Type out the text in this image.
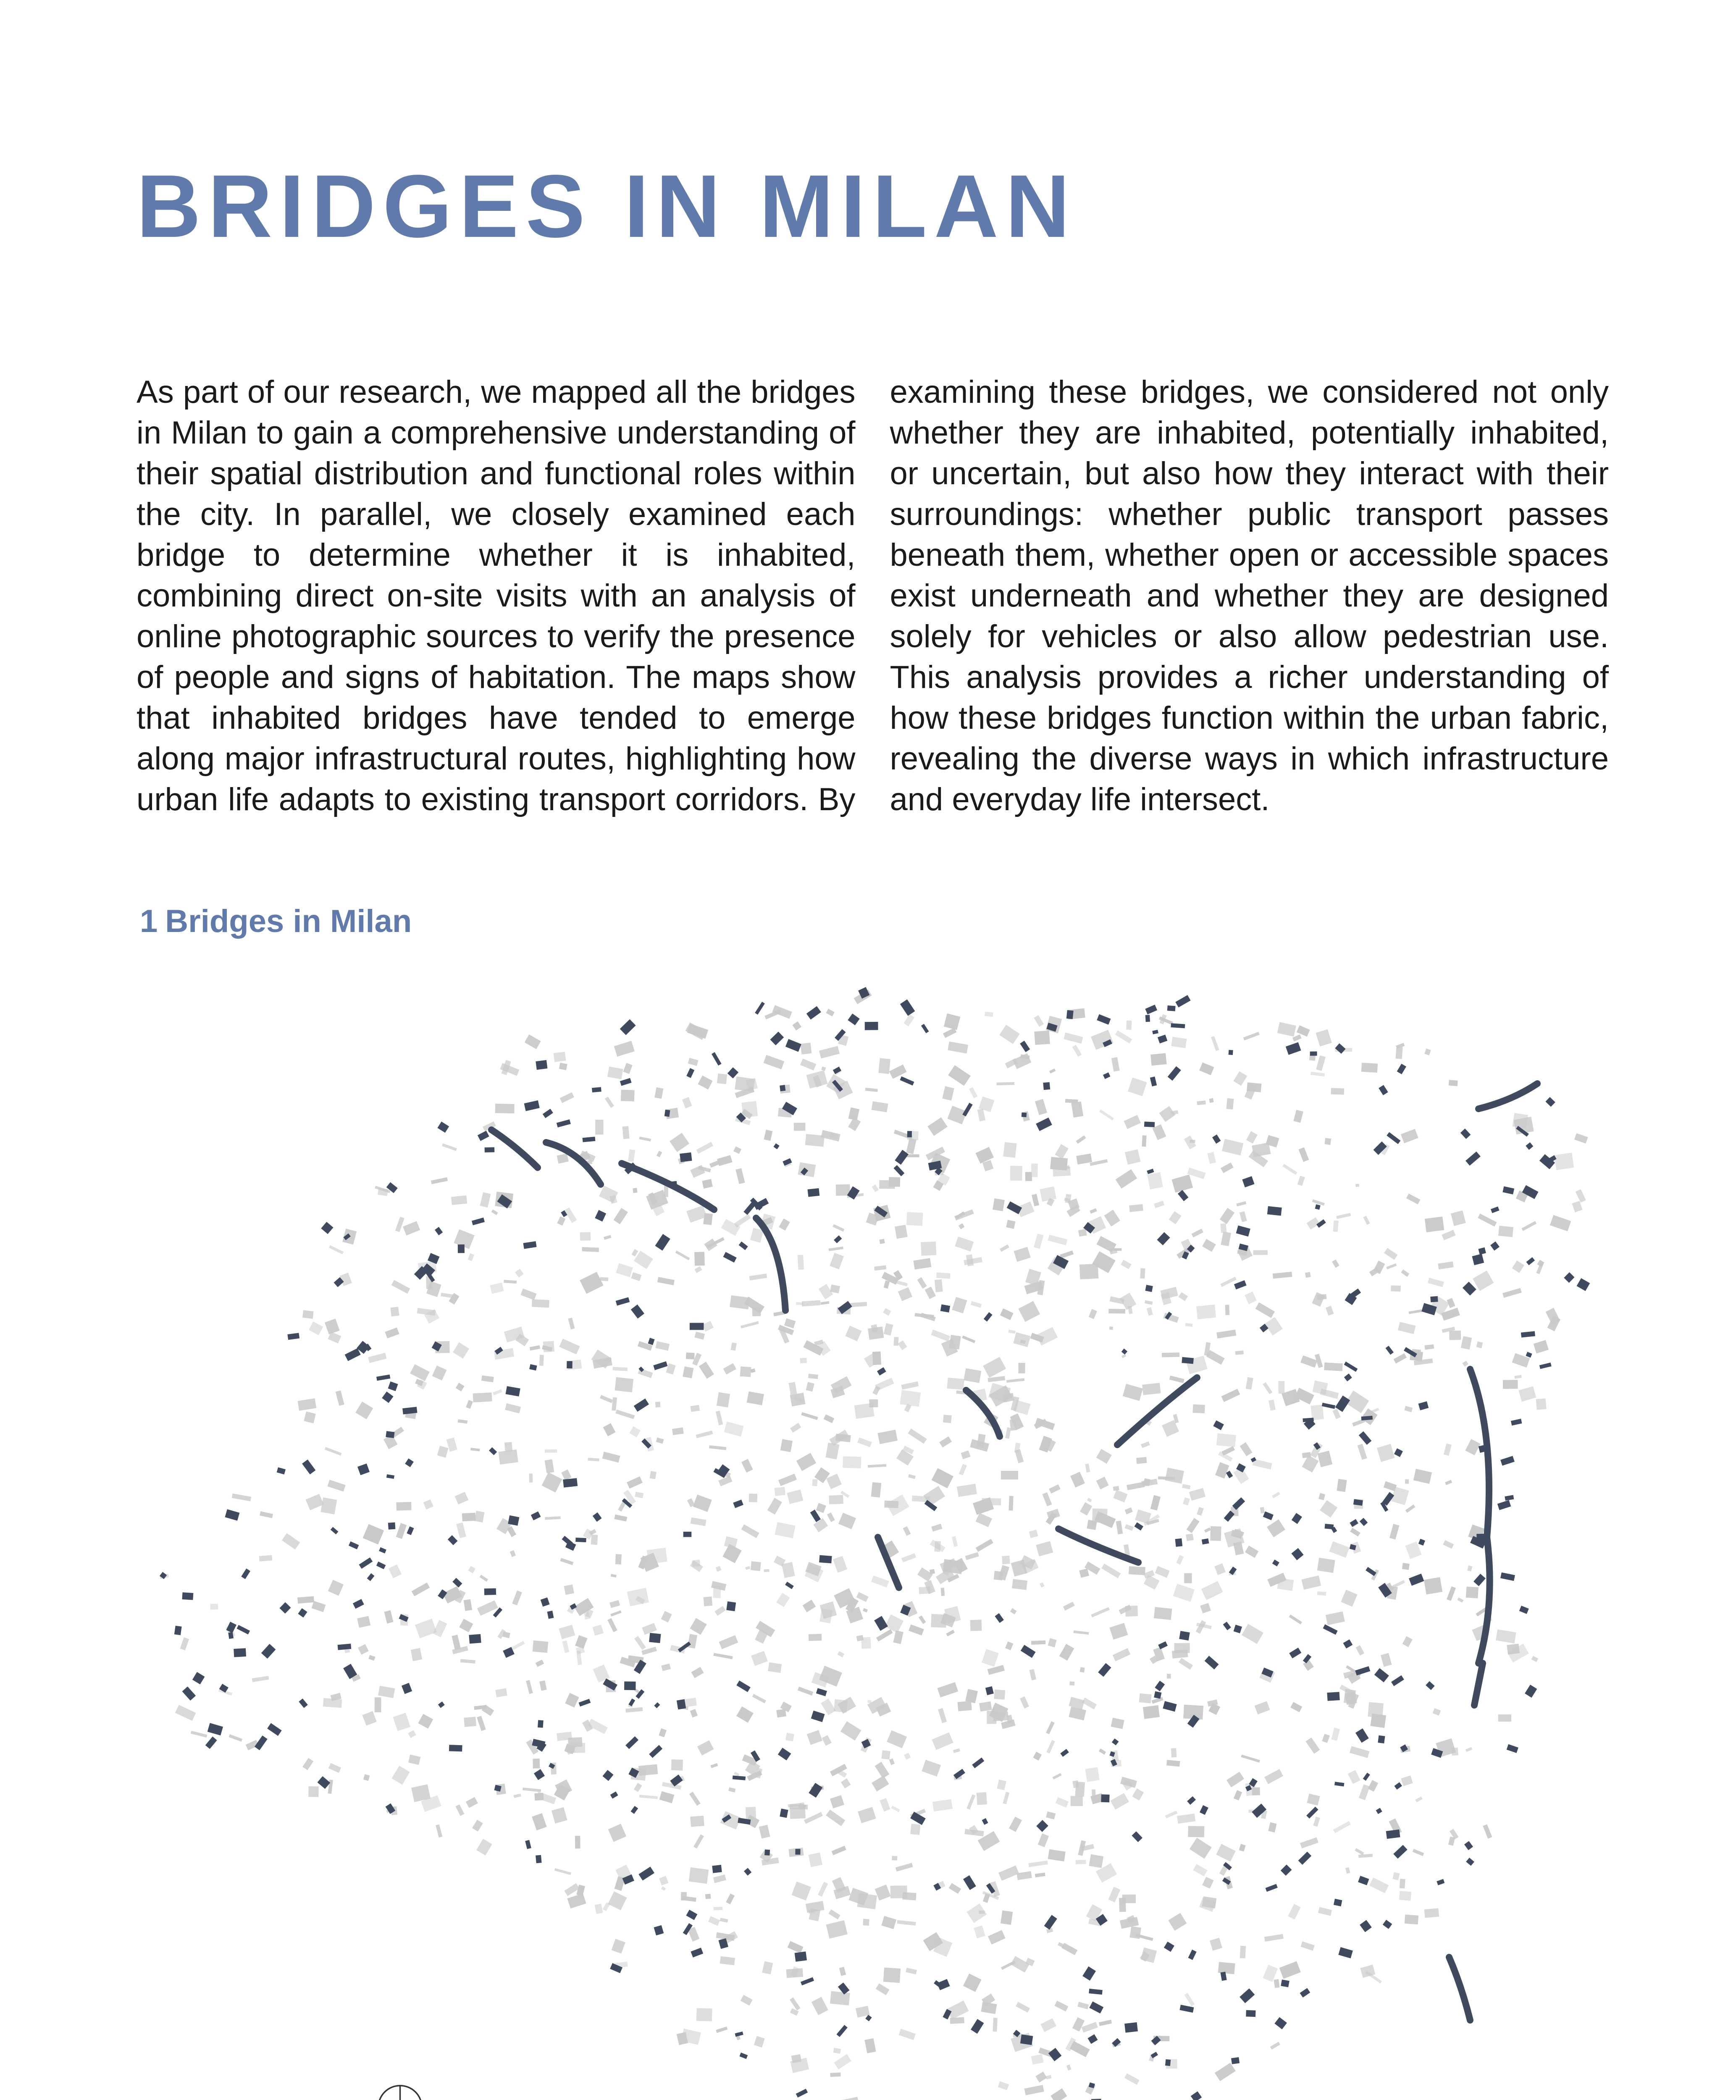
BRIDGES IN MILAN

As part of our research, we mapped all the bridges in Milan to gain a comprehensive understanding of their spatial distribution and functional roles within the city. In parallel, we closely examined each bridge to determine whether it is inhabited, combining direct on-site visits with an analysis of online photographic sources to verify the presence of people and signs of habitation. The maps show that inhabited bridges have tended to emerge along major infrastructural routes, highlighting how urban life adapts to existing transport corridors. By examining these bridges, we considered not only whether they are inhabited, potentially inhabited, or uncertain, but also how they interact with their surroundings: whether public transport passes beneath them, whether open or accessible spaces exist underneath and whether they are designed solely for vehicles or also allow pedestrian use. This analysis provides a richer understanding of how these bridges function within the urban fabric, revealing the diverse ways in which infrastructure and everyday life intersect.

1 Bridges in Milan
